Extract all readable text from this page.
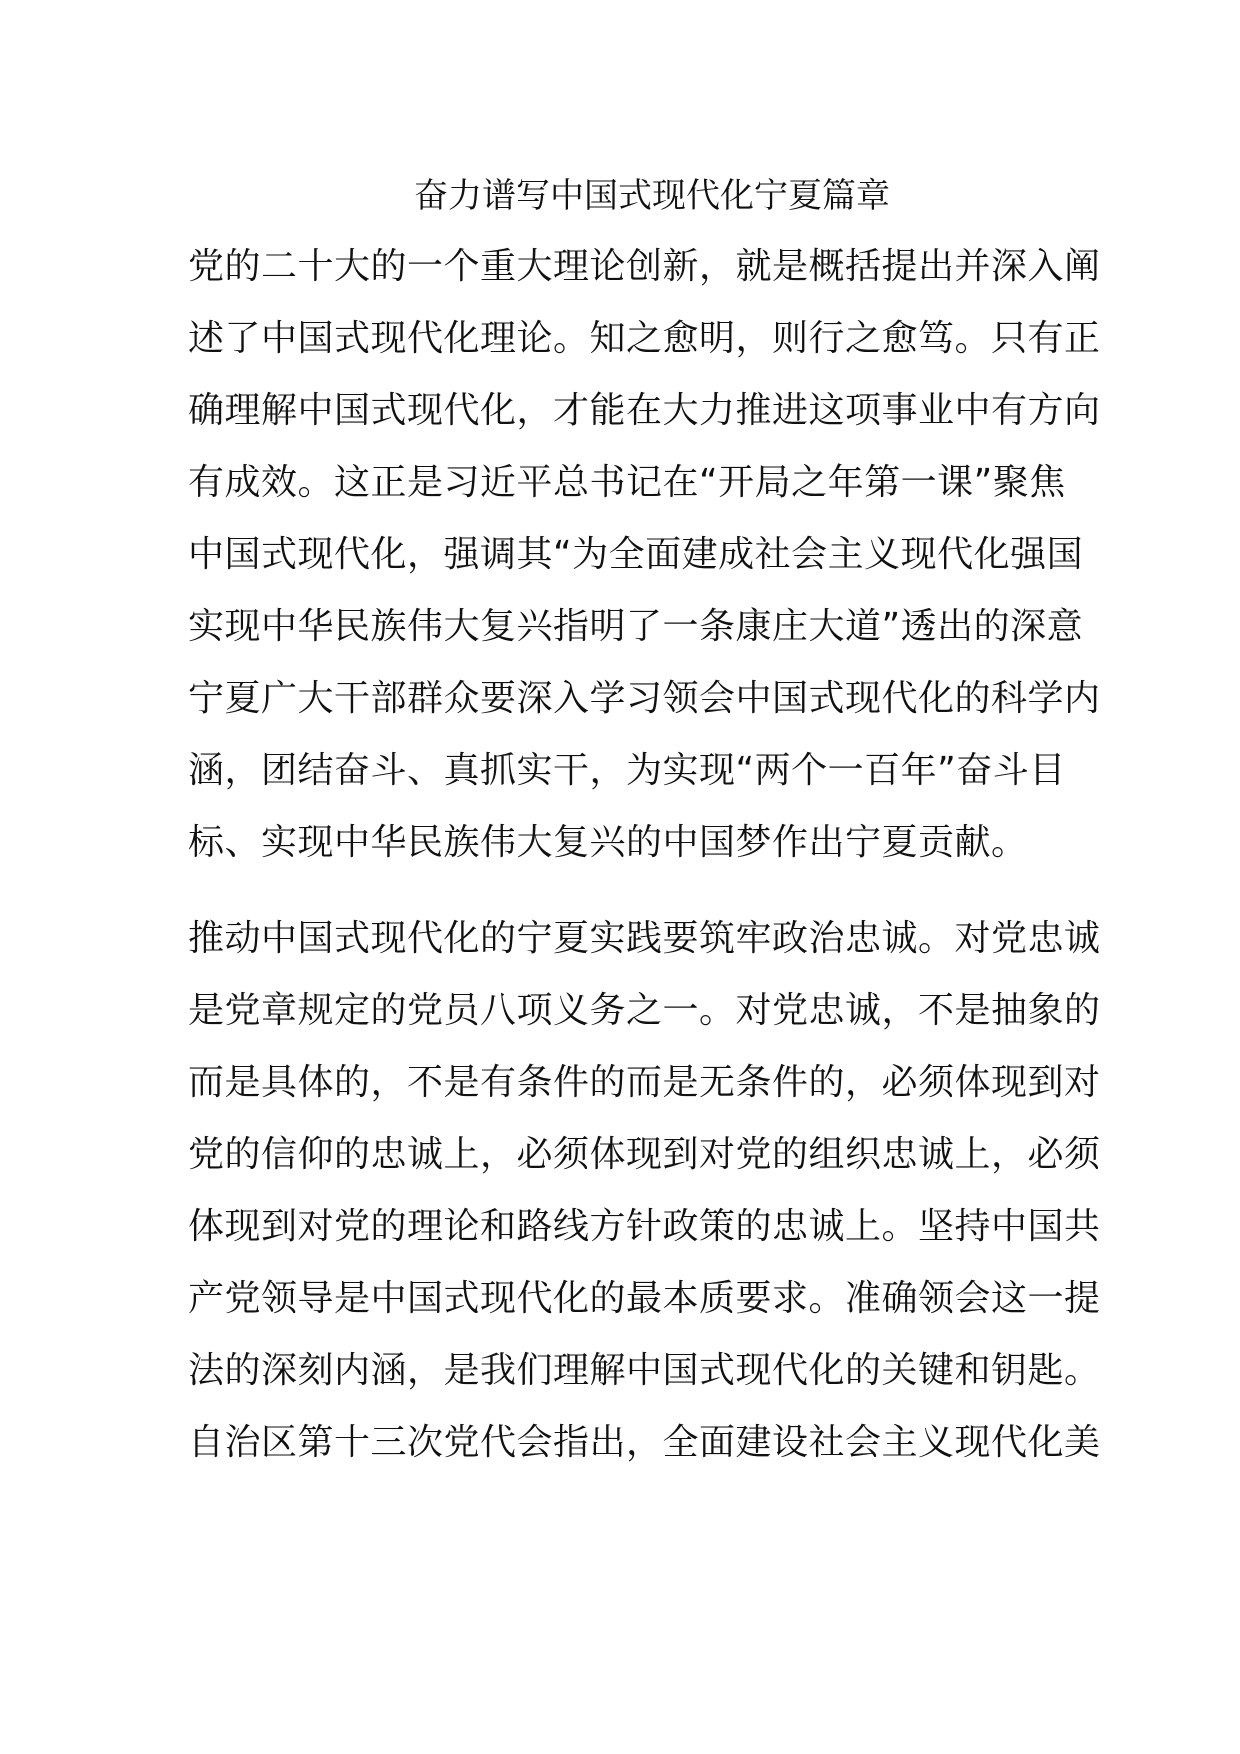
奋力谱写中国式现代化宁夏篇章

党的二十大的一个重大理论创新，就是概括提出并深入阐

述了中国式现代化理论。知之愈明，则行之愈笃。只有正

确理解中国式现代化，才能在大力推进这项事业中有方向

有成效。这正是习近平总书记在“开局之年第一课”聚焦

中国式现代化，强调其“为全面建成社会主义现代化强国

实现中华民族伟大复兴指明了一条康庄大道”透出的深意

宁夏广大干部群众要深入学习领会中国式现代化的科学内

涵，团结奋斗、真抓实干，为实现“两个一百年”奋斗目

标、实现中华民族伟大复兴的中国梦作出宁夏贡献。

推动中国式现代化的宁夏实践要筑牢政治忠诚。对党忠诚

是党章规定的党员八项义务之一。对党忠诚，不是抽象的

而是具体的，不是有条件的而是无条件的，必须体现到对

党的信仰的忠诚上，必须体现到对党的组织忠诚上，必须

体现到对党的理论和路线方针政策的忠诚上。坚持中国共

产党领导是中国式现代化的最本质要求。准确领会这一提

法的深刻内涵，是我们理解中国式现代化的关键和钥匙。

自治区第十三次党代会指出，全面建设社会主义现代化美
